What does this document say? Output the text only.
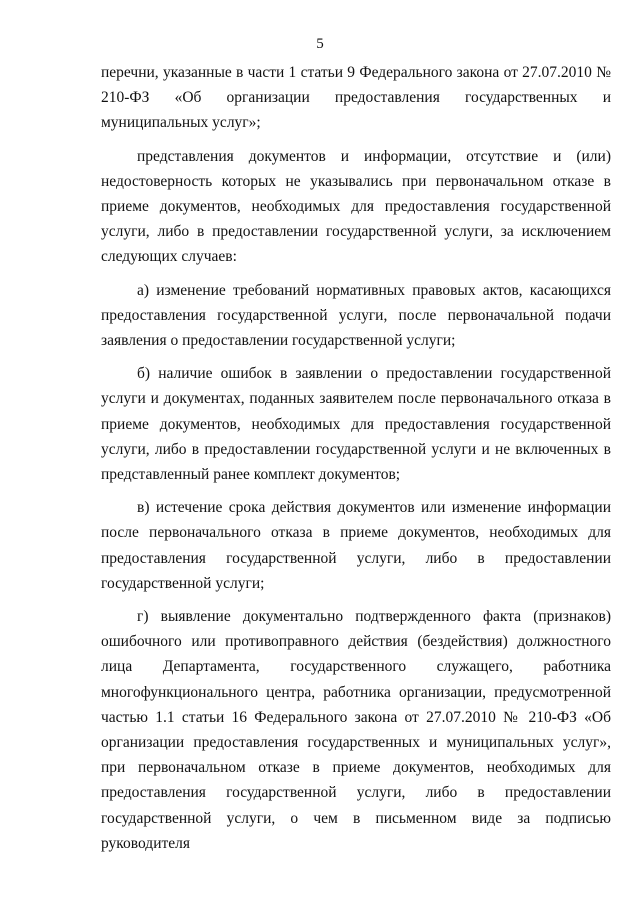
5

перечни, указанные в части 1 статьи 9 Федерального закона от 27.07.2010 № 210-ФЗ «Об организации предоставления государственных и муниципальных услуг»;

представления документов и информации, отсутствие и (или) недостоверность которых не указывались при первоначальном отказе в приеме документов, необходимых для предоставления государственной услуги, либо в предоставлении государственной услуги, за исключением следующих случаев:

а) изменение требований нормативных правовых актов, касающихся предоставления государственной услуги, после первоначальной подачи заявления о предоставлении государственной услуги;

б) наличие ошибок в заявлении о предоставлении государственной услуги и документах, поданных заявителем после первоначального отказа в приеме документов, необходимых для предоставления государственной услуги, либо в предоставлении государственной услуги и не включенных в представленный ранее комплект документов;

в) истечение срока действия документов или изменение информации после первоначального отказа в приеме документов, необходимых для предоставления государственной услуги, либо в предоставлении государственной услуги;

г) выявление документально подтвержденного факта (признаков) ошибочного или противоправного действия (бездействия) должностного лица Департамента, государственного служащего, работника многофункционального центра, работника организации, предусмотренной частью 1.1 статьи 16 Федерального закона от 27.07.2010 № 210-ФЗ «Об организации предоставления государственных и муниципальных услуг», при первоначальном отказе в приеме документов, необходимых для предоставления государственной услуги, либо в предоставлении государственной услуги, о чем в письменном виде за подписью руководителя
